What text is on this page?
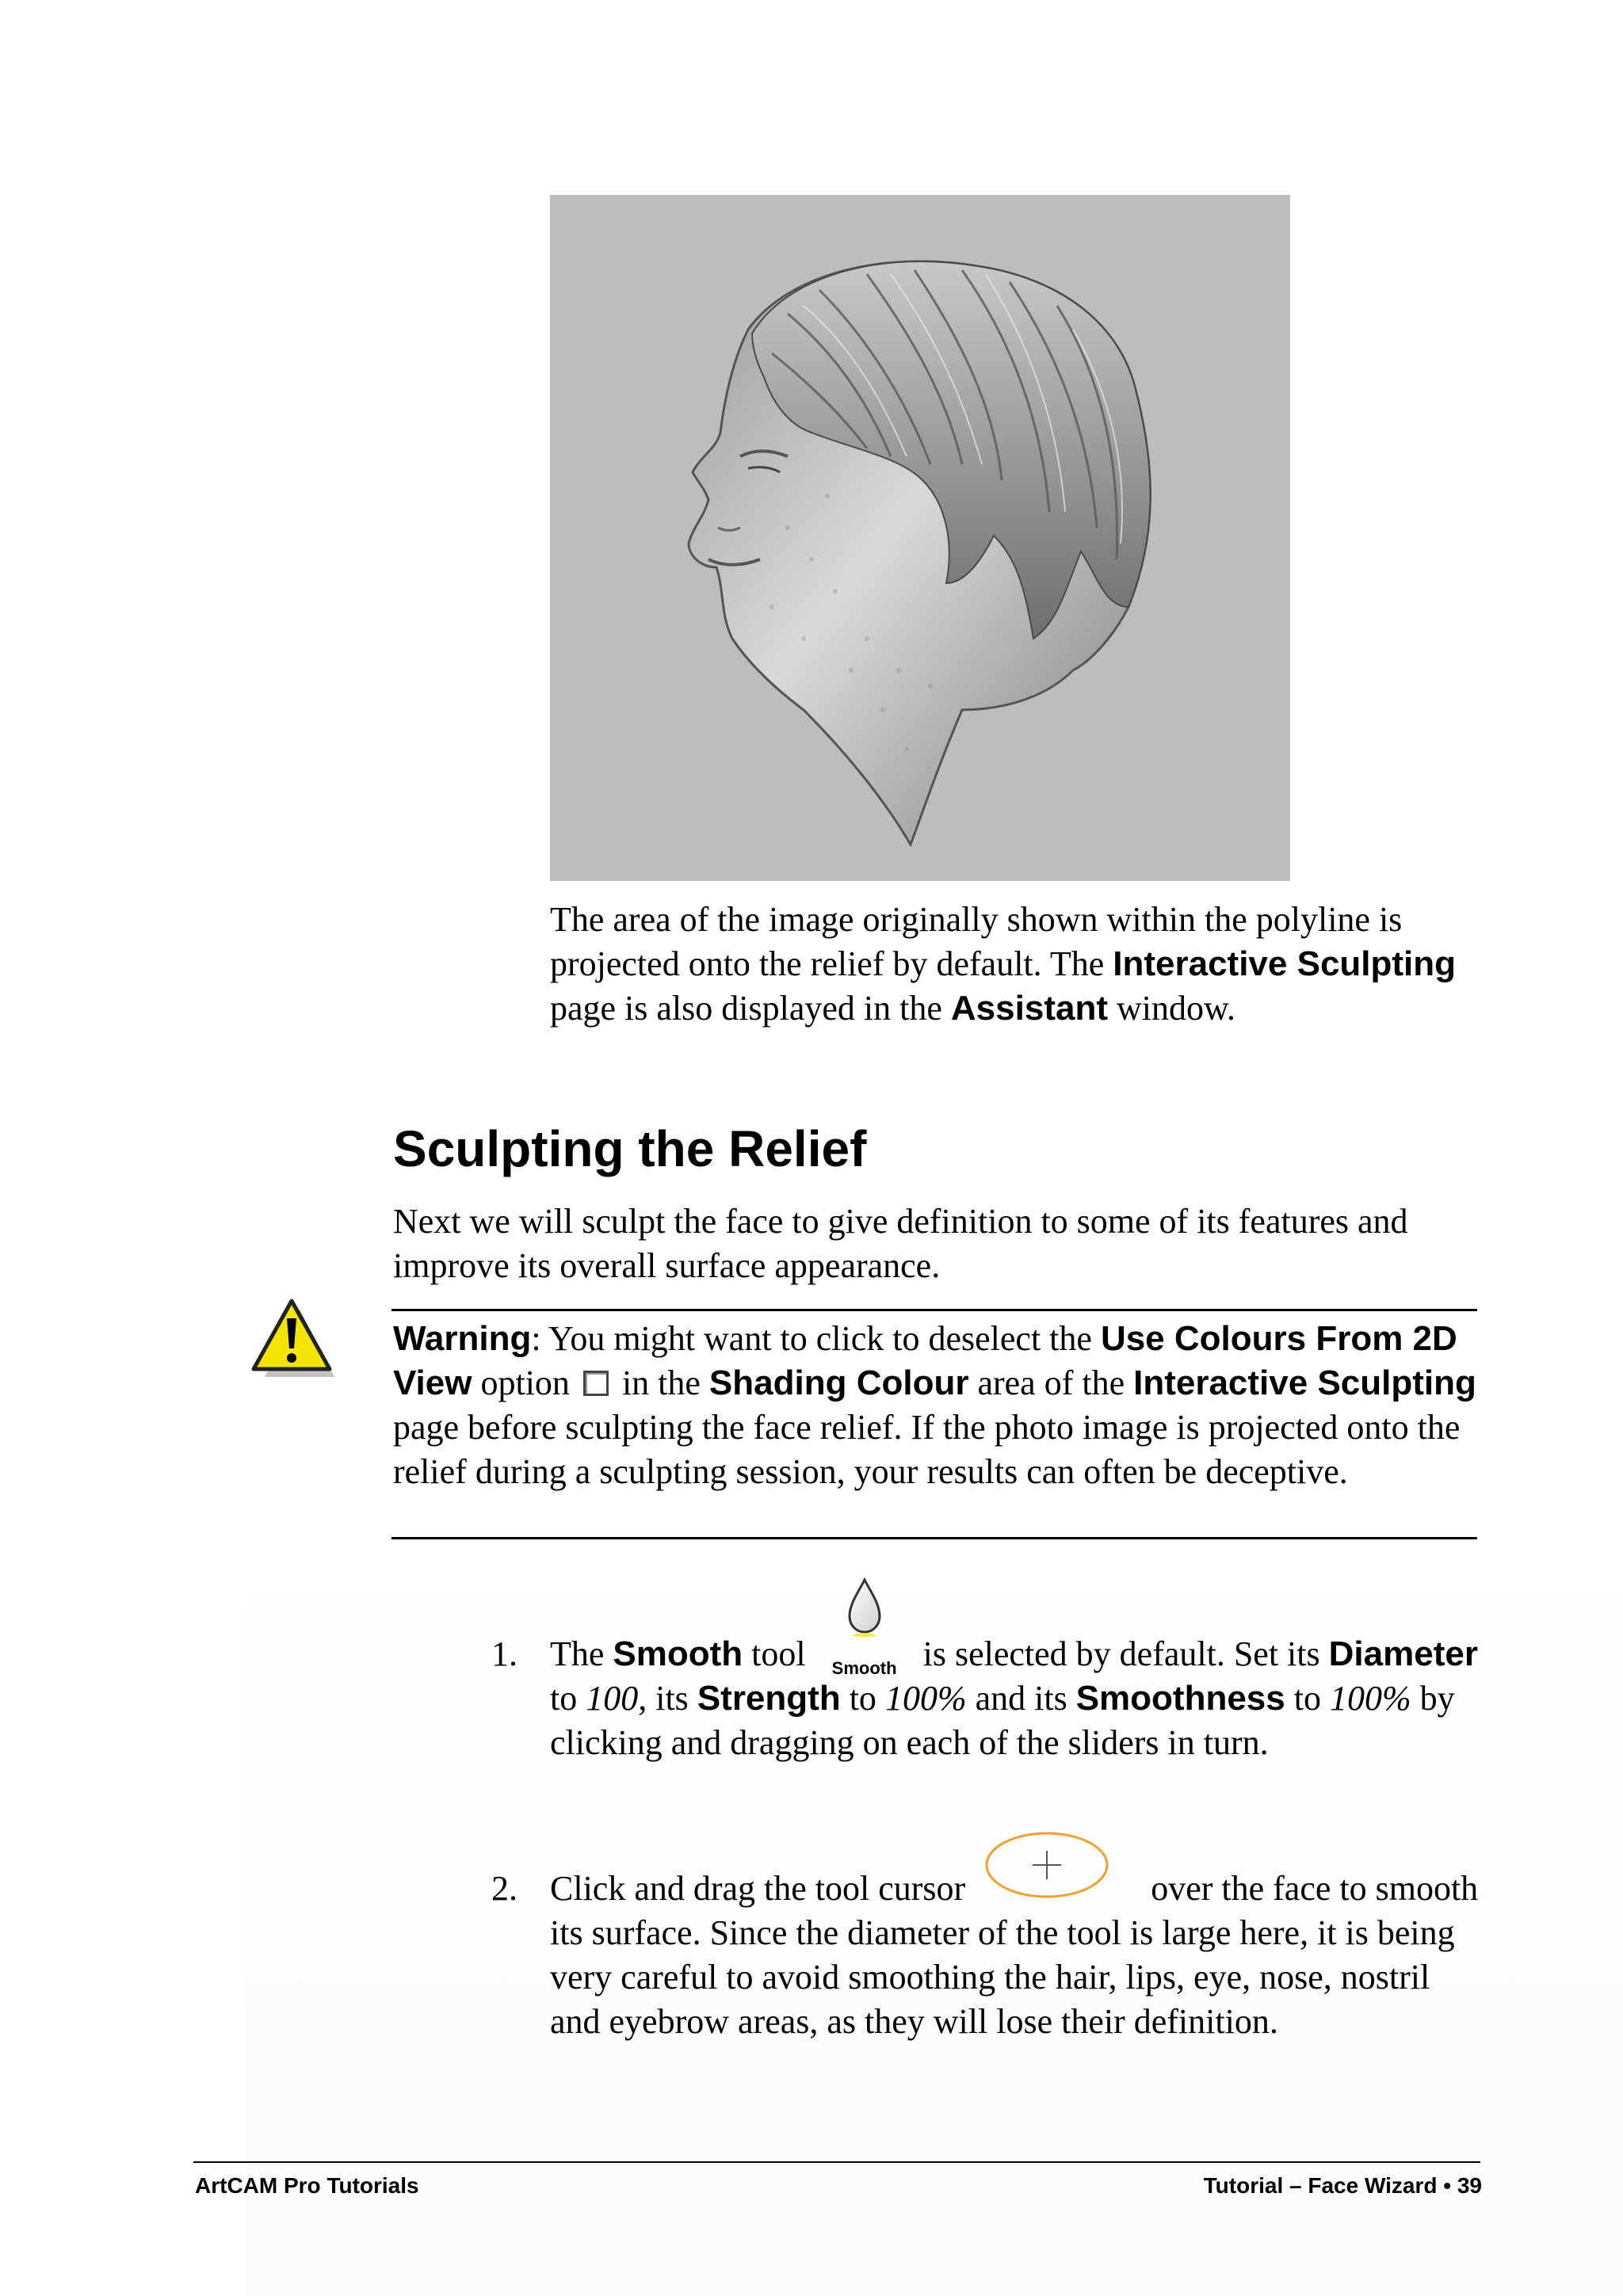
The area of the image originally shown within the polyline is projected onto the relief by default. The Interactive Sculpting page is also displayed in the Assistant window.
Sculpting the Relief
Next we will sculpt the face to give definition to some of its features and improve its overall surface appearance.
Warning: You might want to click to deselect the Use Colours From 2D View option  in the Shading Colour area of the Interactive Sculpting page before sculpting the face relief. If the photo image is projected onto the relief during a sculpting session, your results can often be deceptive.
1. The Smooth tool	Smooth is selected by default. Set its Diameter to 100, its Strength to 100% and its Smoothness to 100% by clicking and dragging on each of the sliders in turn.
2. Click and drag the tool cursor	over the face to smooth its surface. Since the diameter of the tool is large here, it is being very careful to avoid smoothing the hair, lips, eye, nose, nostril and eyebrow areas, as they will lose their definition.
ArtCAM Pro Tutorials	Tutorial – Face Wizard • 39
